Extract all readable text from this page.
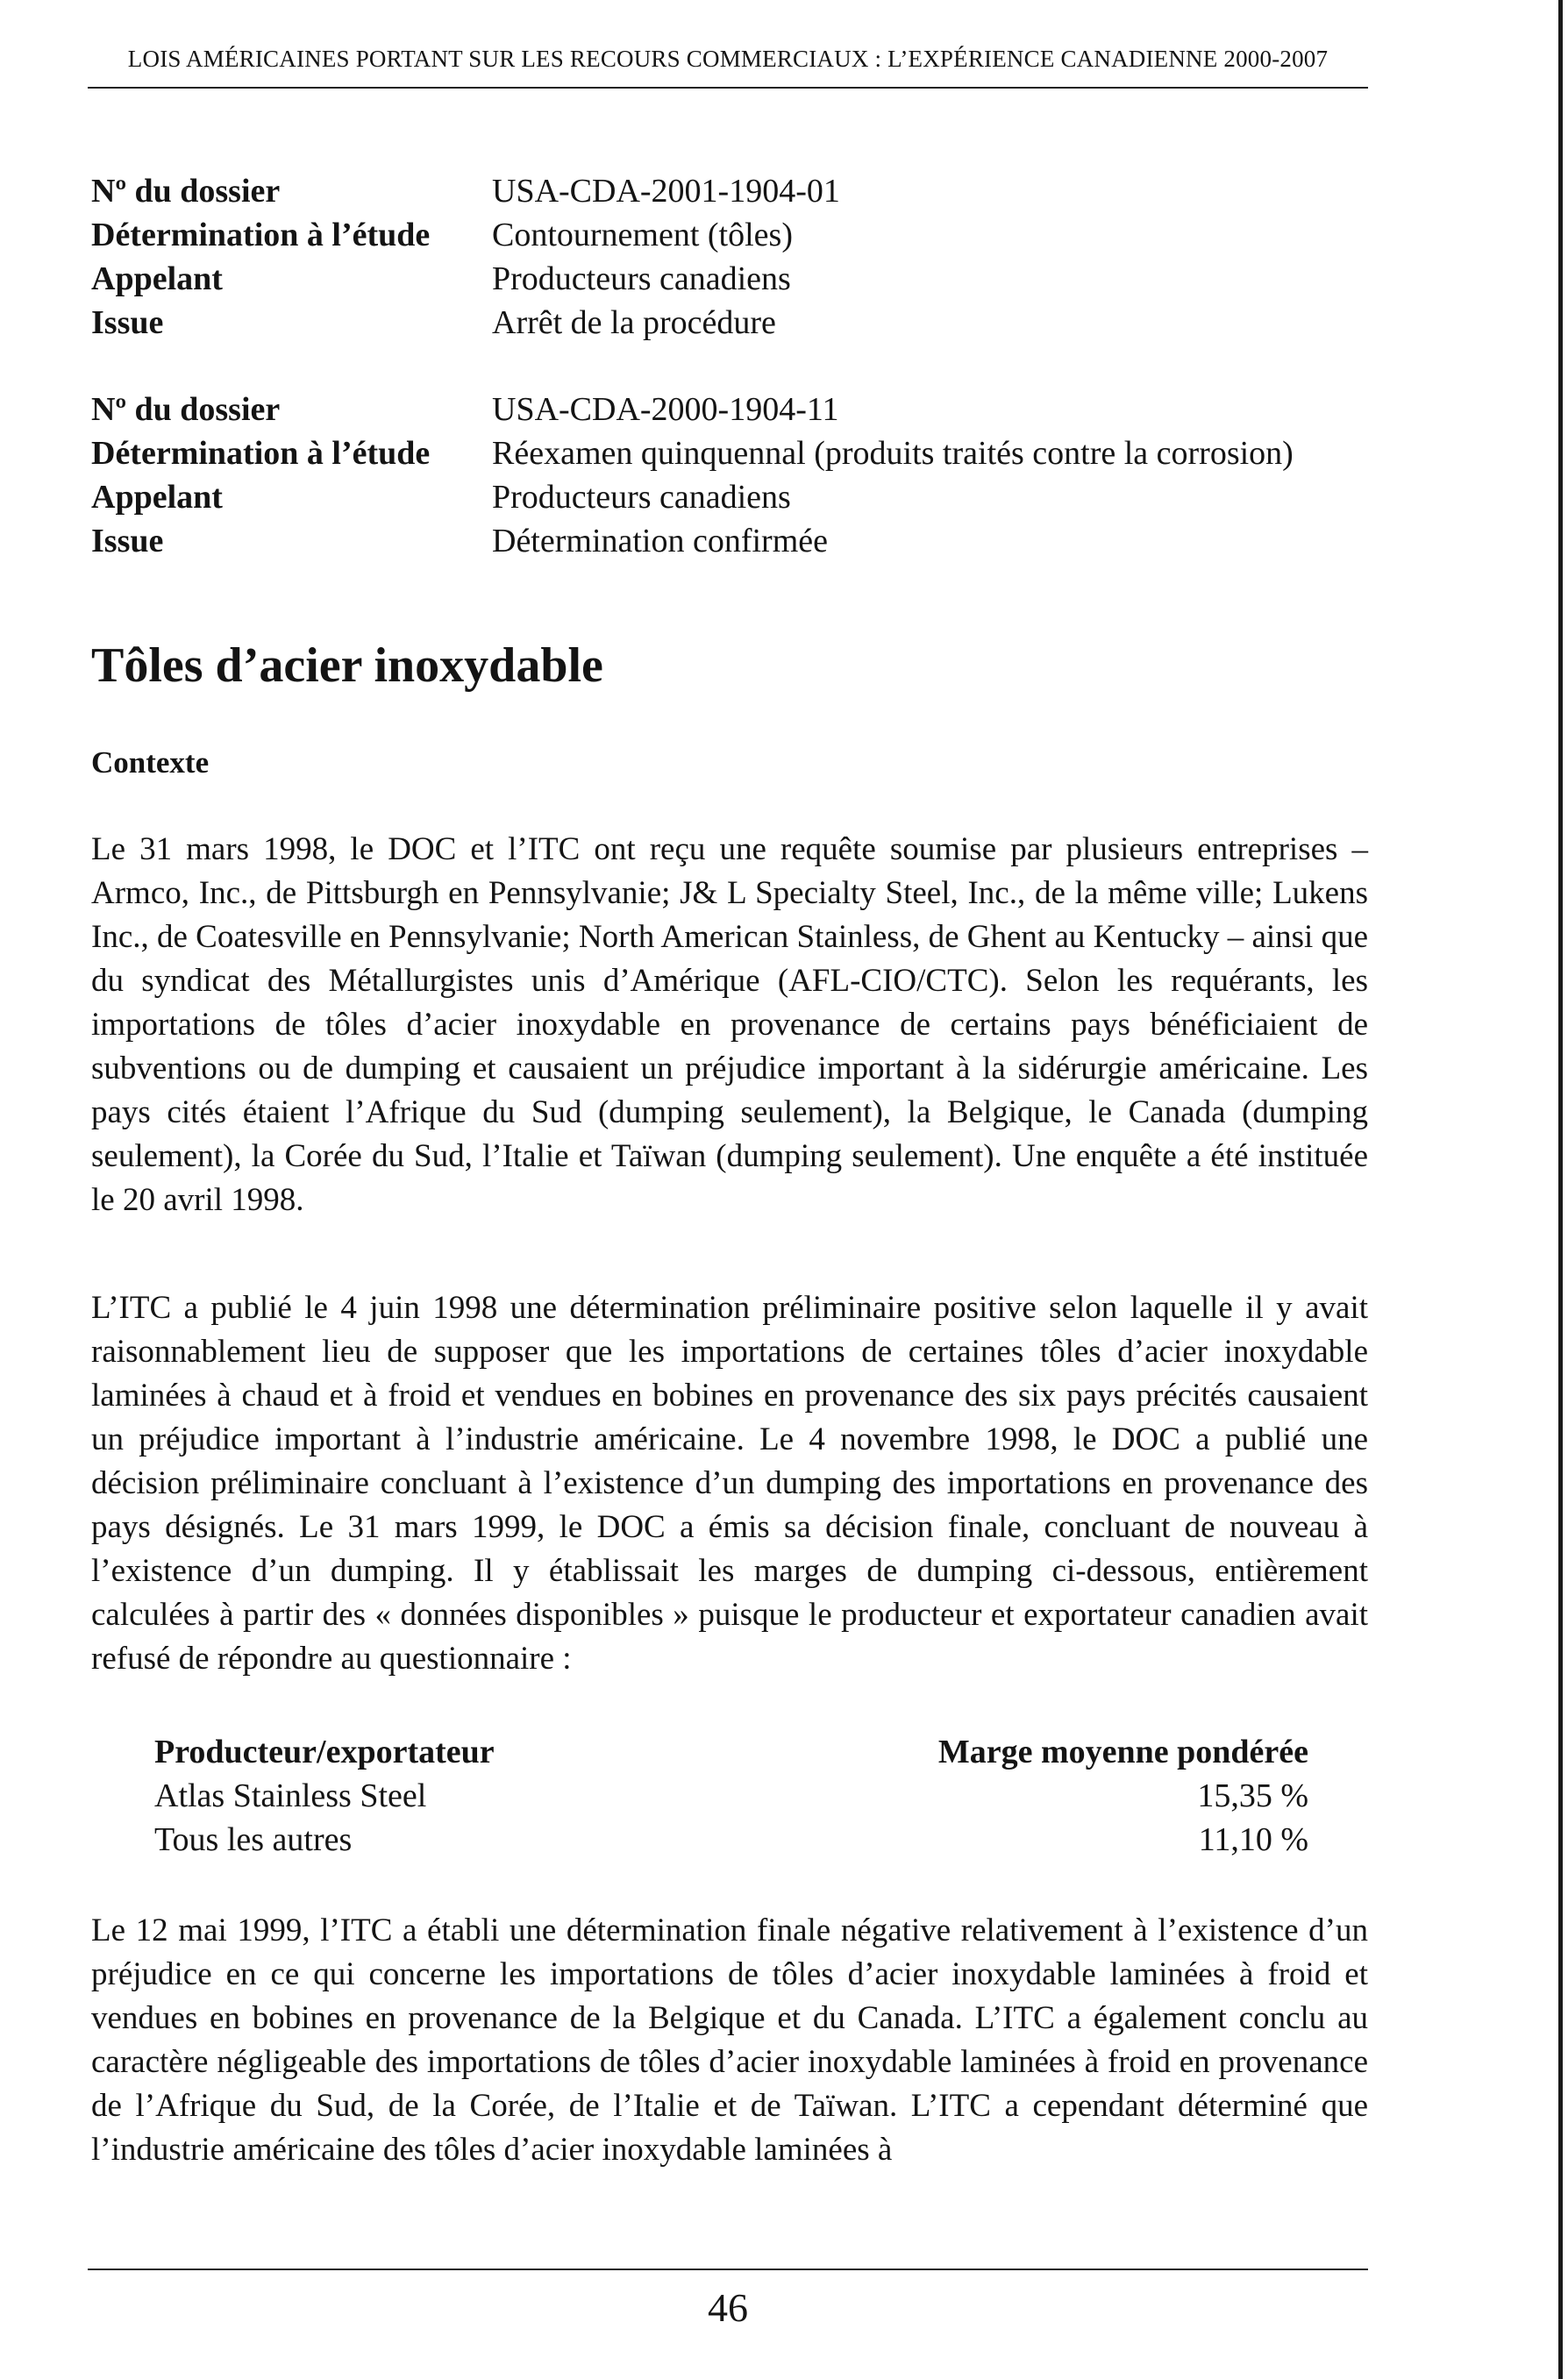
LOIS AMÉRICAINES PORTANT SUR LES RECOURS COMMERCIAUX : L’EXPÉRIENCE CANADIENNE 2000-2007
Nº du dossier	USA-CDA-2001-1904-01
Détermination à l’étude	Contournement (tôles)
Appelant	Producteurs canadiens
Issue	Arrêt de la procédure
Nº du dossier	USA-CDA-2000-1904-11
Détermination à l’étude	Réexamen quinquennal (produits traités contre la corrosion)
Appelant	Producteurs canadiens
Issue	Détermination confirmée
Tôles d’acier inoxydable
Contexte

Le 31 mars 1998, le DOC et l’ITC ont reçu une requête soumise par plusieurs entreprises – Armco, Inc., de Pittsburgh en Pennsylvanie; J& L Specialty Steel, Inc., de la même ville; Lukens Inc., de Coatesville en Pennsylvanie; North American Stainless, de Ghent au Kentucky – ainsi que du syndicat des Métallurgistes unis d’Amérique (AFL-CIO/CTC). Selon les requérants, les importations de tôles d’acier inoxydable en provenance de certains pays bénéficiaient de subventions ou de dumping et causaient un préjudice important à la sidérurgie américaine. Les pays cités étaient l’Afrique du Sud (dumping seulement), la Belgique, le Canada (dumping seulement), la Corée du Sud, l’Italie et Taïwan (dumping seulement). Une enquête a été instituée le 20 avril 1998.

L’ITC a publié le 4 juin 1998 une détermination préliminaire positive selon laquelle il y avait raisonnablement lieu de supposer que les importations de certaines tôles d’acier inoxydable laminées à chaud et à froid et vendues en bobines en provenance des six pays précités causaient un préjudice important à l’industrie américaine. Le 4 novembre 1998, le DOC a publié une décision préliminaire concluant à l’existence d’un dumping des importations en provenance des pays désignés. Le 31 mars 1999, le DOC a émis sa décision finale, concluant de nouveau à l’existence d’un dumping. Il y établissait les marges de dumping ci-dessous, entièrement calculées à partir des « données disponibles » puisque le producteur et exportateur canadien avait refusé de répondre au questionnaire :

Producteur/exportateur	Marge moyenne pondérée
Atlas Stainless Steel	15,35 %
Tous les autres	11,10 %

Le 12 mai 1999, l’ITC a établi une détermination finale négative relativement à l’existence d’un préjudice en ce qui concerne les importations de tôles d’acier inoxydable laminées à froid et vendues en bobines en provenance de la Belgique et du Canada. L’ITC a également conclu au caractère négligeable des importations de tôles d’acier inoxydable laminées à froid en provenance de l’Afrique du Sud, de la Corée, de l’Italie et de Taïwan. L’ITC a cependant déterminé que l’industrie américaine des tôles d’acier inoxydable laminées à

46
